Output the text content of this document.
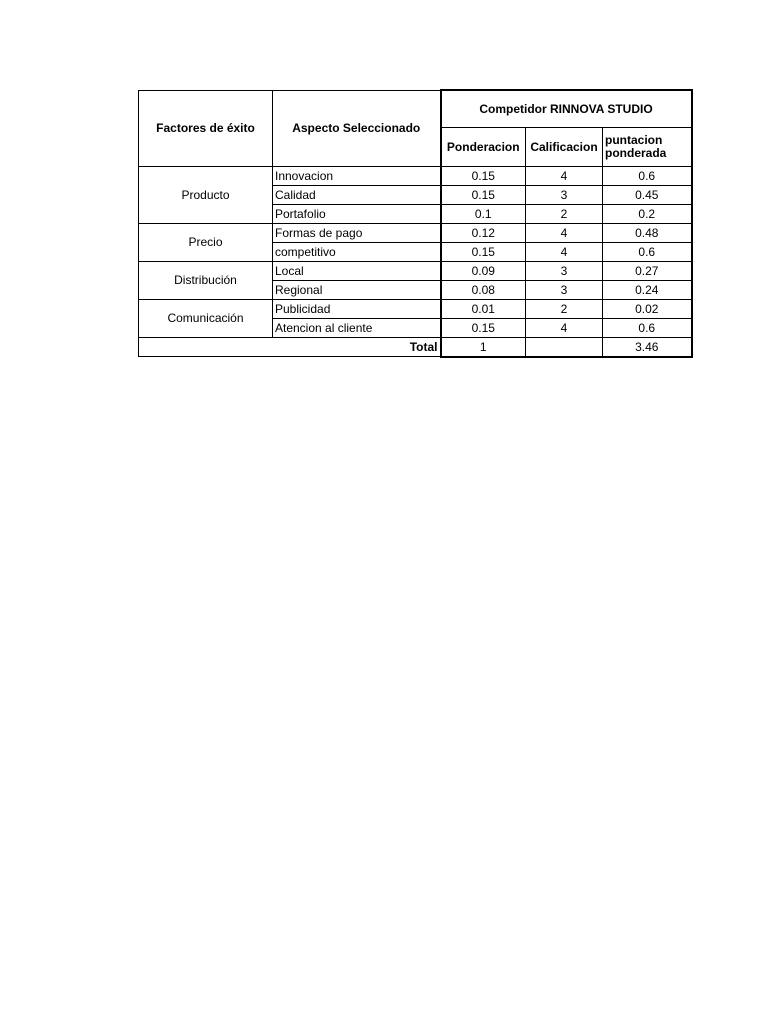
Factores de éxito	Aspecto Seleccionado	Competidor RINNOVA STUDIO		
		Ponderacion	Calificacion	puntacion ponderada
Producto	Innovacion	0.15	4	0.6
	Calidad	0.15	3	0.45
	Portafolio	0.1	2	0.2
Precio	Formas de pago	0.12	4	0.48
	competitivo	0.15	4	0.6
Distribución	Local	0.09	3	0.27
	Regional	0.08	3	0.24
Comunicación	Publicidad	0.01	2	0.02
	Atencion al cliente	0.15	4	0.6
Total		1		3.46
